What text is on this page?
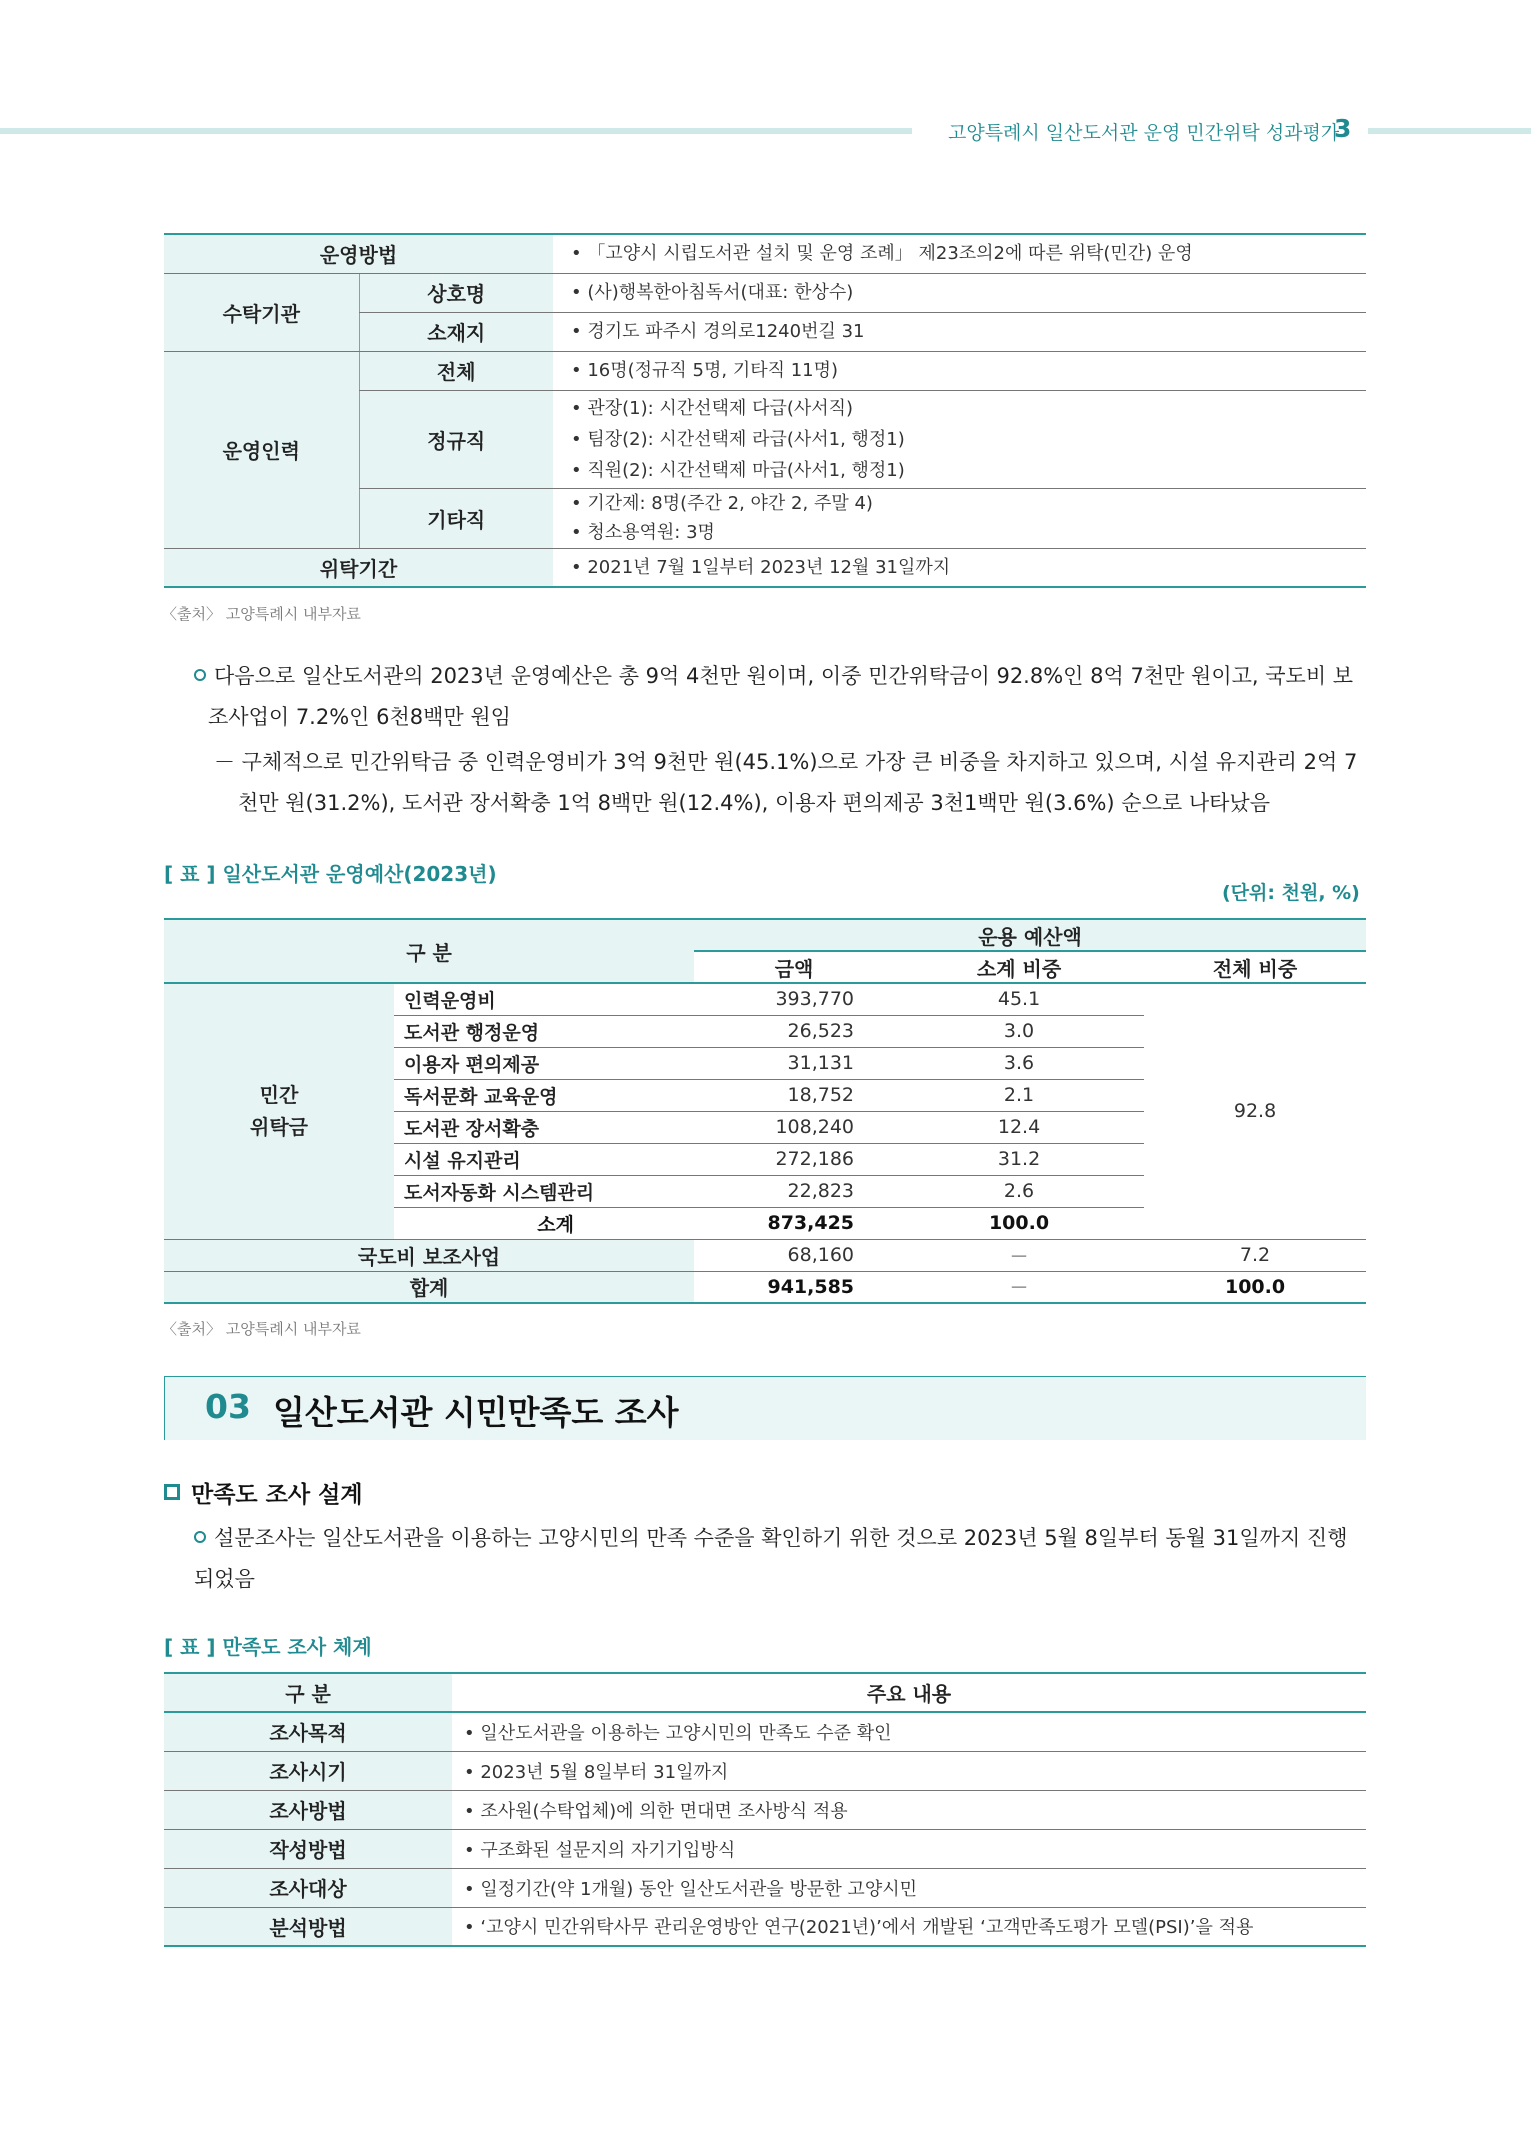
고양특례시 일산도서관 운영 민간위탁 성과평가
3
운영방법		• 「고양시 시립도서관 설치 및 운영 조례」 제23조의2에 따른 위탁(민간) 운영
수탁기관	상호명	• (사)행복한아침독서(대표: 한상수)
	소재지	• 경기도 파주시 경의로1240번길 31
운영인력	전체	• 16명(정규직 5명, 기타직 11명)
	정규직	• 관장(1): 시간선택제 다급(사서직)
• 팀장(2): 시간선택제 라급(사서1, 행정1)
• 직원(2): 시간선택제 마급(사서1, 행정1)

	기타직	• 기간제: 8명(주간 2, 야간 2, 주말 4)
• 청소용역원: 3명

위탁기간		• 2021년 7월 1일부터 2023년 12월 31일까지
〈출처〉 고양특례시 내부자료
다음으로 일산도서관의 2023년 운영예산은 총 9억 4천만 원이며, 이중 민간위탁금이 92.8%인 8억 7천만 원이고, 국도비 보조사업이 7.2%인 6천8백만 원임
－ 구체적으로 민간위탁금 중 인력운영비가 3억 9천만 원(45.1%)으로 가장 큰 비중을 차지하고 있으며, 시설 유지관리 2억 7천만 원(31.2%), 도서관 장서확충 1억 8백만 원(12.4%), 이용자 편의제공 3천1백만 원(3.6%) 순으로 나타났음
[ 표 ] 일산도서관 운영예산(2023년)
(단위: 천원, %)
구 분		운용 예산액		
		금액	소계 비중	전체 비중
민간
위탁금	인력운영비	393,770	45.1	92.8
	도서관 행정운영	26,523	3.0	
	이용자 편의제공	31,131	3.6	
	독서문화 교육운영	18,752	2.1	
	도서관 장서확충	108,240	12.4	
	시설 유지관리	272,186	31.2	
	도서자동화 시스템관리	22,823	2.6	
	소계	873,425	100.0	
국도비 보조사업		68,160	－	7.2
합계		941,585	－	100.0
〈출처〉 고양특례시 내부자료
03 일산도서관 시민만족도 조사
만족도 조사 설계
설문조사는 일산도서관을 이용하는 고양시민의 만족 수준을 확인하기 위한 것으로 2023년 5월 8일부터 동월 31일까지 진행되었음
[ 표 ] 만족도 조사 체계
구 분	주요 내용
조사목적	• 일산도서관을 이용하는 고양시민의 만족도 수준 확인
조사시기	• 2023년 5월 8일부터 31일까지
조사방법	• 조사원(수탁업체)에 의한 면대면 조사방식 적용
작성방법	• 구조화된 설문지의 자기기입방식
조사대상	• 일정기간(약 1개월) 동안 일산도서관을 방문한 고양시민
분석방법	• ‘고양시 민간위탁사무 관리운영방안 연구(2021년)’에서 개발된 ‘고객만족도평가 모델(PSI)’을 적용
